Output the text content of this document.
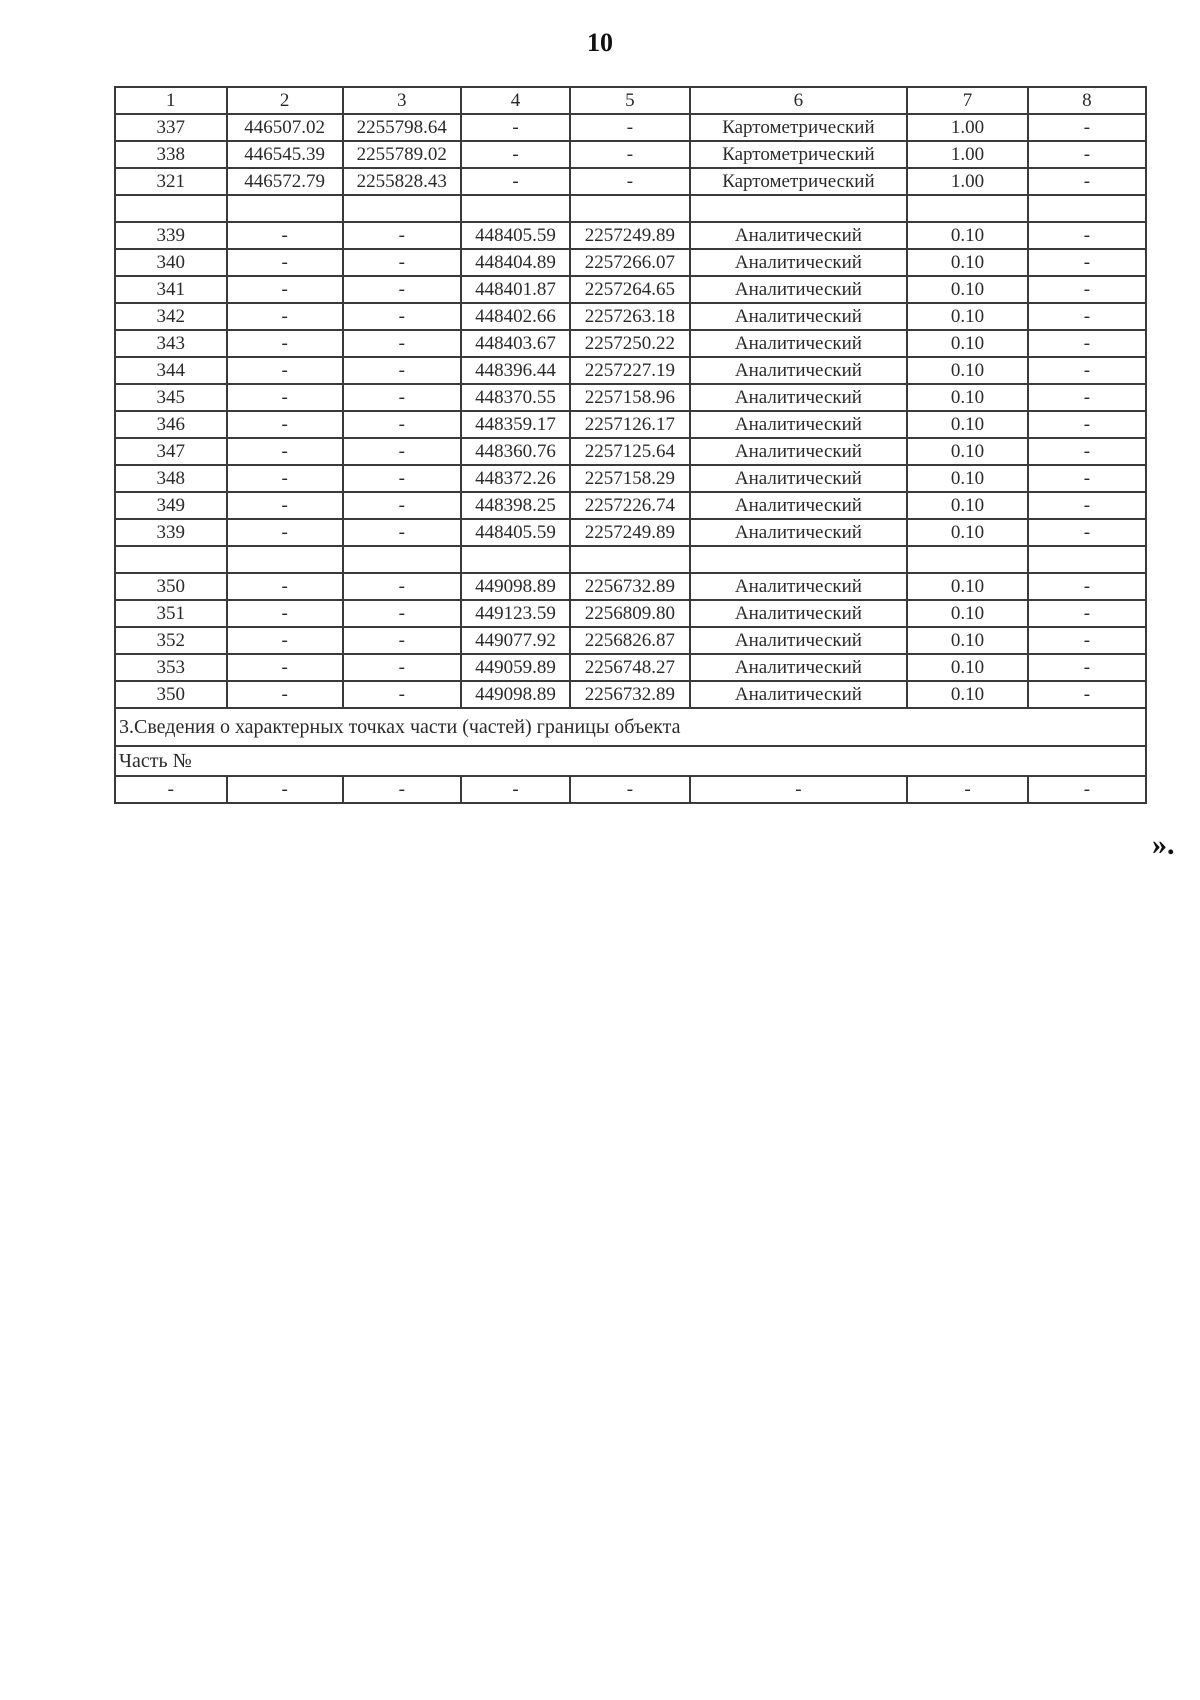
10
1	2	3	4	5	6	7	8
337	446507.02	2255798.64	-	-	Картометрический	1.00	-
338	446545.39	2255789.02	-	-	Картометрический	1.00	-
321	446572.79	2255828.43	-	-	Картометрический	1.00	-

339	-	-	448405.59	2257249.89	Аналитический	0.10	-
340	-	-	448404.89	2257266.07	Аналитический	0.10	-
341	-	-	448401.87	2257264.65	Аналитический	0.10	-
342	-	-	448402.66	2257263.18	Аналитический	0.10	-
343	-	-	448403.67	2257250.22	Аналитический	0.10	-
344	-	-	448396.44	2257227.19	Аналитический	0.10	-
345	-	-	448370.55	2257158.96	Аналитический	0.10	-
346	-	-	448359.17	2257126.17	Аналитический	0.10	-
347	-	-	448360.76	2257125.64	Аналитический	0.10	-
348	-	-	448372.26	2257158.29	Аналитический	0.10	-
349	-	-	448398.25	2257226.74	Аналитический	0.10	-
339	-	-	448405.59	2257249.89	Аналитический	0.10	-

350	-	-	449098.89	2256732.89	Аналитический	0.10	-
351	-	-	449123.59	2256809.80	Аналитический	0.10	-
352	-	-	449077.92	2256826.87	Аналитический	0.10	-
353	-	-	449059.89	2256748.27	Аналитический	0.10	-
350	-	-	449098.89	2256732.89	Аналитический	0.10	-
3.Сведения о характерных точках части (частей) границы объекта							
Часть №							
-	-	-	-	-	-	-	-
».
